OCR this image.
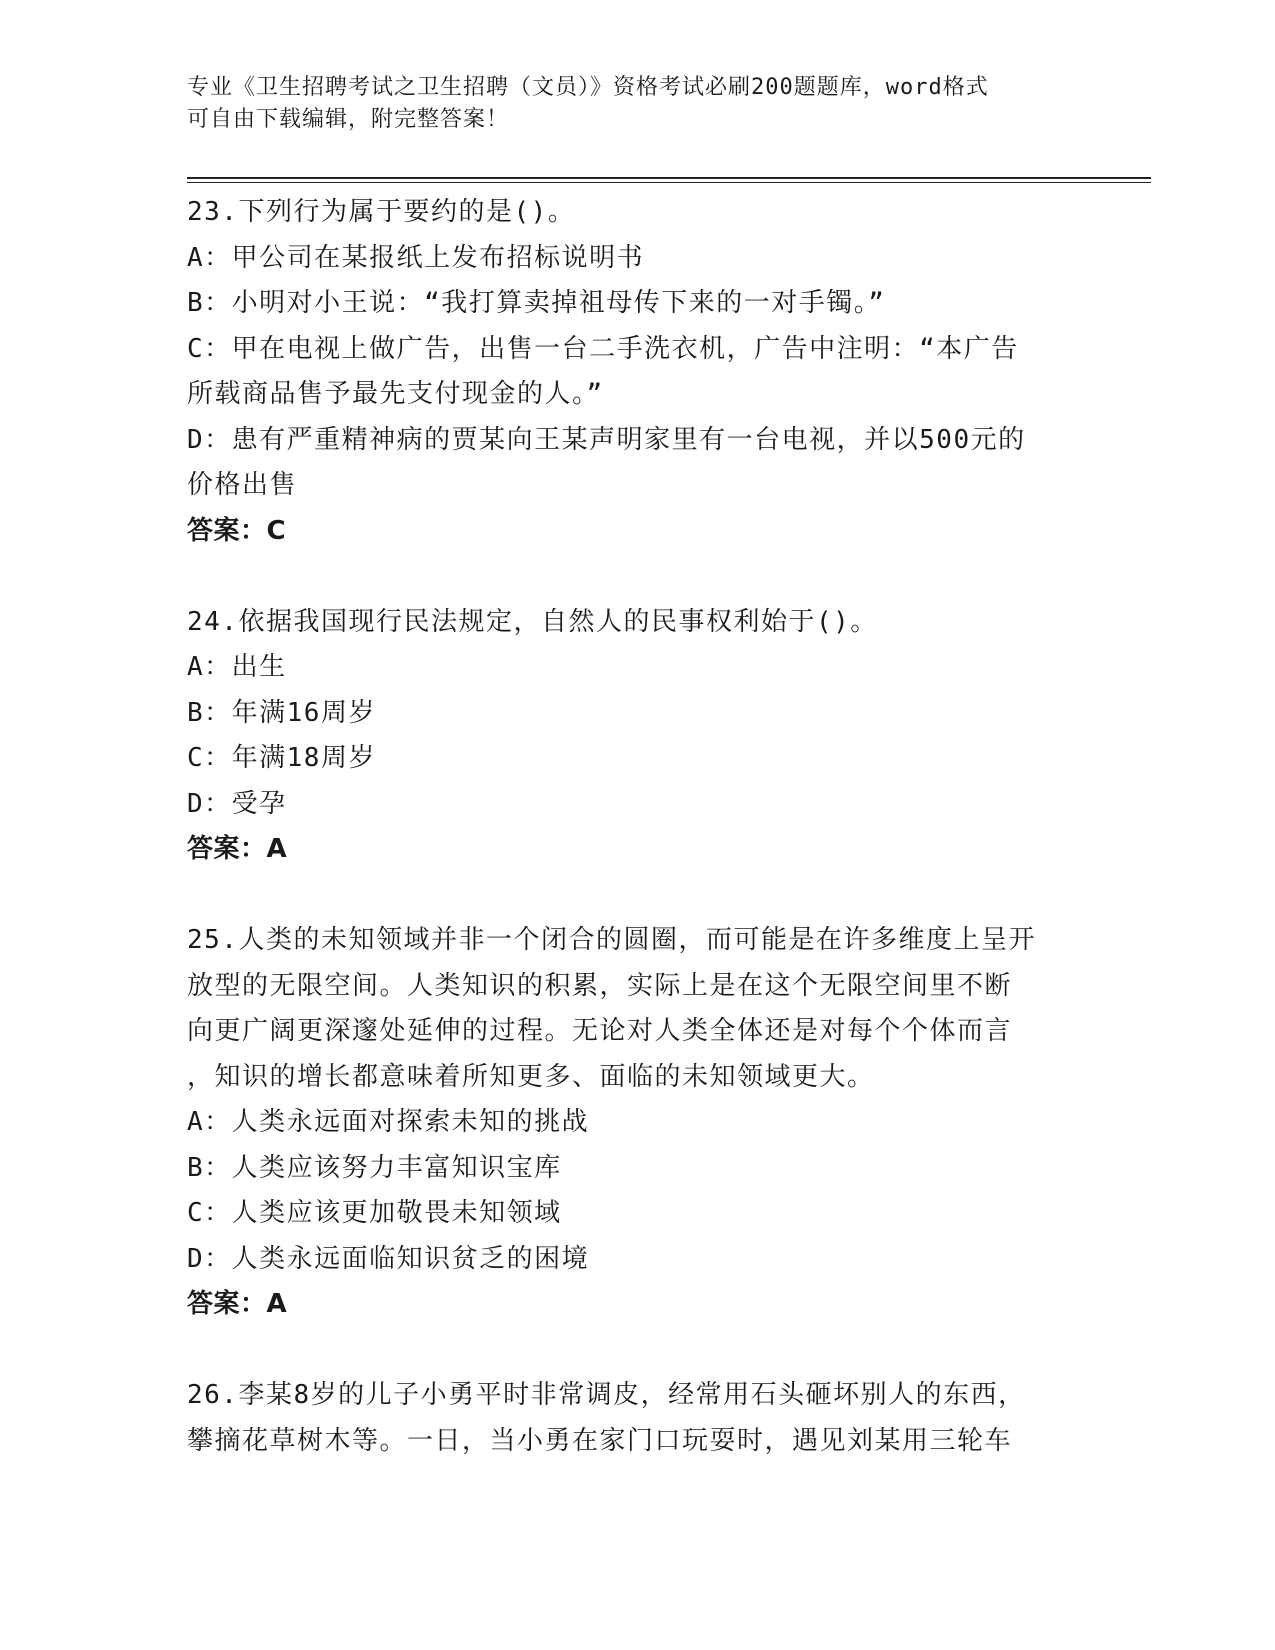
专业《卫生招聘考试之卫生招聘（文员）》资格考试必刷200题题库，word格式
可自由下载编辑，附完整答案！
23.下列行为属于要约的是()。
A：甲公司在某报纸上发布招标说明书
B：小明对小王说：“我打算卖掉祖母传下来的一对手镯。”
C：甲在电视上做广告，出售一台二手洗衣机，广告中注明：“本广告
所载商品售予最先支付现金的人。”
D：患有严重精神病的贾某向王某声明家里有一台电视，并以500元的
价格出售
答案：C
24.依据我国现行民法规定，自然人的民事权利始于()。
A：出生
B：年满16周岁
C：年满18周岁
D：受孕
答案：A
25.人类的未知领域并非一个闭合的圆圈，而可能是在许多维度上呈开
放型的无限空间。人类知识的积累，实际上是在这个无限空间里不断
向更广阔更深邃处延伸的过程。无论对人类全体还是对每个个体而言
，知识的增长都意味着所知更多、面临的未知领域更大。
A：人类永远面对探索未知的挑战
B：人类应该努力丰富知识宝库
C：人类应该更加敬畏未知领域
D：人类永远面临知识贫乏的困境
答案：A
26.李某8岁的儿子小勇平时非常调皮，经常用石头砸坏别人的东西，
攀摘花草树木等。一日，当小勇在家门口玩耍时，遇见刘某用三轮车
